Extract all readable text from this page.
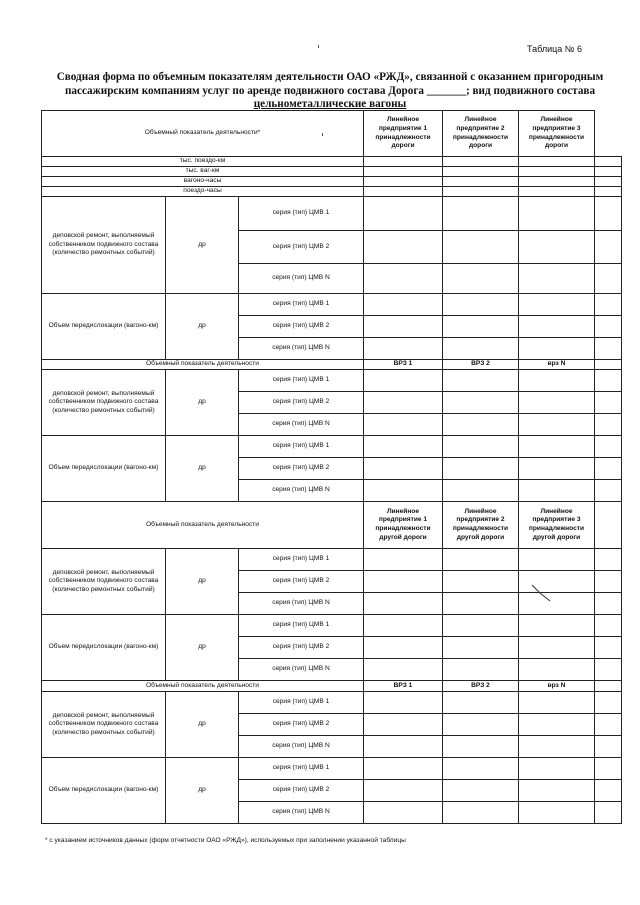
Таблица № 6
Сводная форма по объемным показателям деятельности ОАО «РЖД», связанной с оказанием пригородным
пассажирским компаниям услуг по аренде подвижного состава Дорога _______; вид подвижного состава
цельнометаллические вагоны
Объемный показатель деятельности*			Линейное предприятие 1 принадлежности дороги	Линейное предприятие 2 принадлежности дороги	Линейное предприятие 3 принадлежности дороги	
тыс. поездо-км						
тыс. ваг-км						
вагоно-часы						
поездо-часы						
деповской ремонт, выполняемый собственником подвижного состава (количество ремонтных событий)	др	серия (тип) ЦМВ 1				
		серия (тип) ЦМВ 2				
		серия (тип) ЦМВ N				
Объем передислокации (вагоно-км)	др	серия (тип) ЦМВ 1				
		серия (тип) ЦМВ 2				
		серия (тип) ЦМВ N				
Объемный показатель деятельности			ВРЗ 1	ВРЗ 2	врз N	
деповской ремонт, выполняемый собственником подвижного состава (количество ремонтных событий)	др	серия (тип) ЦМВ 1				
		серия (тип) ЦМВ 2				
		серия (тип) ЦМВ N				
Объем передислокации (вагоно-км)	др	серия (тип) ЦМВ 1				
		серия (тип) ЦМВ 2				
		серия (тип) ЦМВ N				
Объемный показатель деятельности			Линейное предприятие 1 принадлежности другой дороги	Линейное предприятие 2 принадлежности другой дороги	Линейное предприятие 3 принадлежности другой дороги	
деповской ремонт, выполняемый собственником подвижного состава (количество ремонтных событий)	др	серия (тип) ЦМВ 1				
		серия (тип) ЦМВ 2				
		серия (тип) ЦМВ N				
Объем передислокации (вагоно-км)	др	серия (тип) ЦМВ 1				
		серия (тип) ЦМВ 2				
		серия (тип) ЦМВ N				
Объемный показатель деятельности			ВРЗ 1	ВРЗ 2	врз N	
деповской ремонт, выполняемый собственником подвижного состава (количество ремонтных событий)	др	серия (тип) ЦМВ 1				
		серия (тип) ЦМВ 2				
		серия (тип) ЦМВ N				
Объем передислокации (вагоно-км)	др	серия (тип) ЦМВ 1				
		серия (тип) ЦМВ 2				
		серия (тип) ЦМВ N				
* с указанием источников данных (форм отчетности ОАО «РЖД»), используемых при заполнении указанной таблицы
